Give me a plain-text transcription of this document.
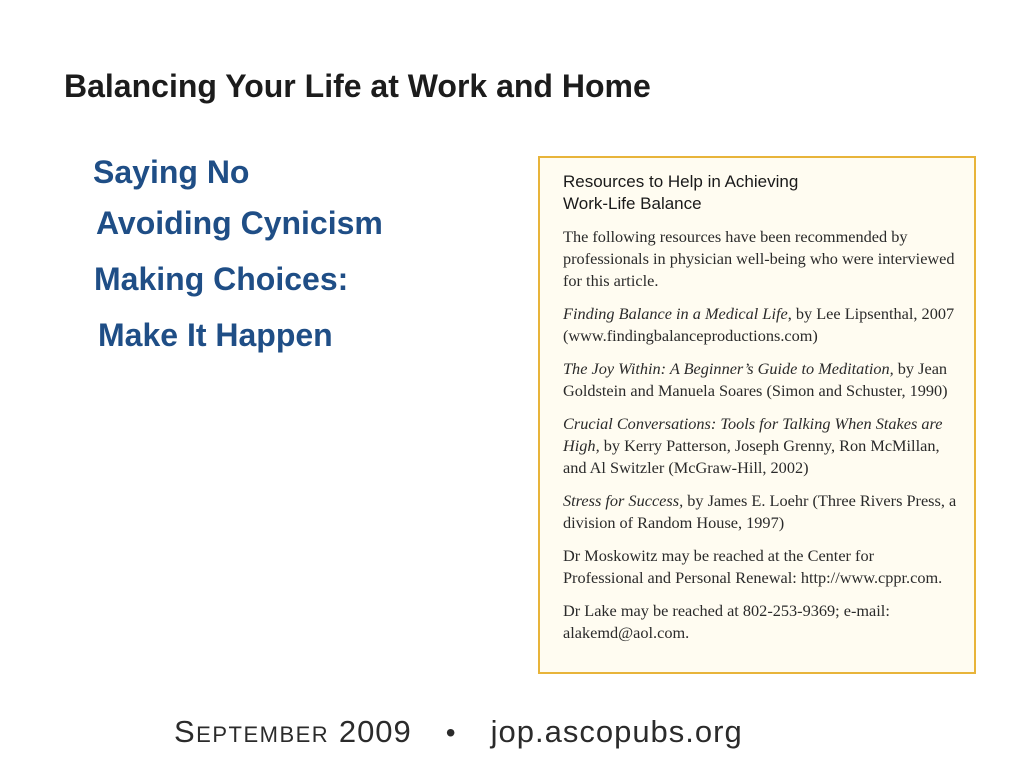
Balancing Your Life at Work and Home
Saying No
Avoiding Cynicism
Making Choices:
Make It Happen
Resources to Help in Achieving
Work-Life Balance

The following resources have been recommended by professionals in physician well-being who were interviewed for this article.

Finding Balance in a Medical Life, by Lee Lipsenthal, 2007 (www.findingbalanceproductions.com)

The Joy Within: A Beginner’s Guide to Meditation, by Jean Goldstein and Manuela Soares (Simon and Schuster, 1990)

Crucial Conversations: Tools for Talking When Stakes are High, by Kerry Patterson, Joseph Grenny, Ron McMillan, and Al Switzler (McGraw-Hill, 2002)

Stress for Success, by James E. Loehr (Three Rivers Press, a division of Random House, 1997)

Dr Moskowitz may be reached at the Center for Professional and Personal Renewal: http://www.cppr.com.

Dr Lake may be reached at 802-253-9369; e-mail: alakemd@aol.com.

September 2009 • jop.ascopubs.org
